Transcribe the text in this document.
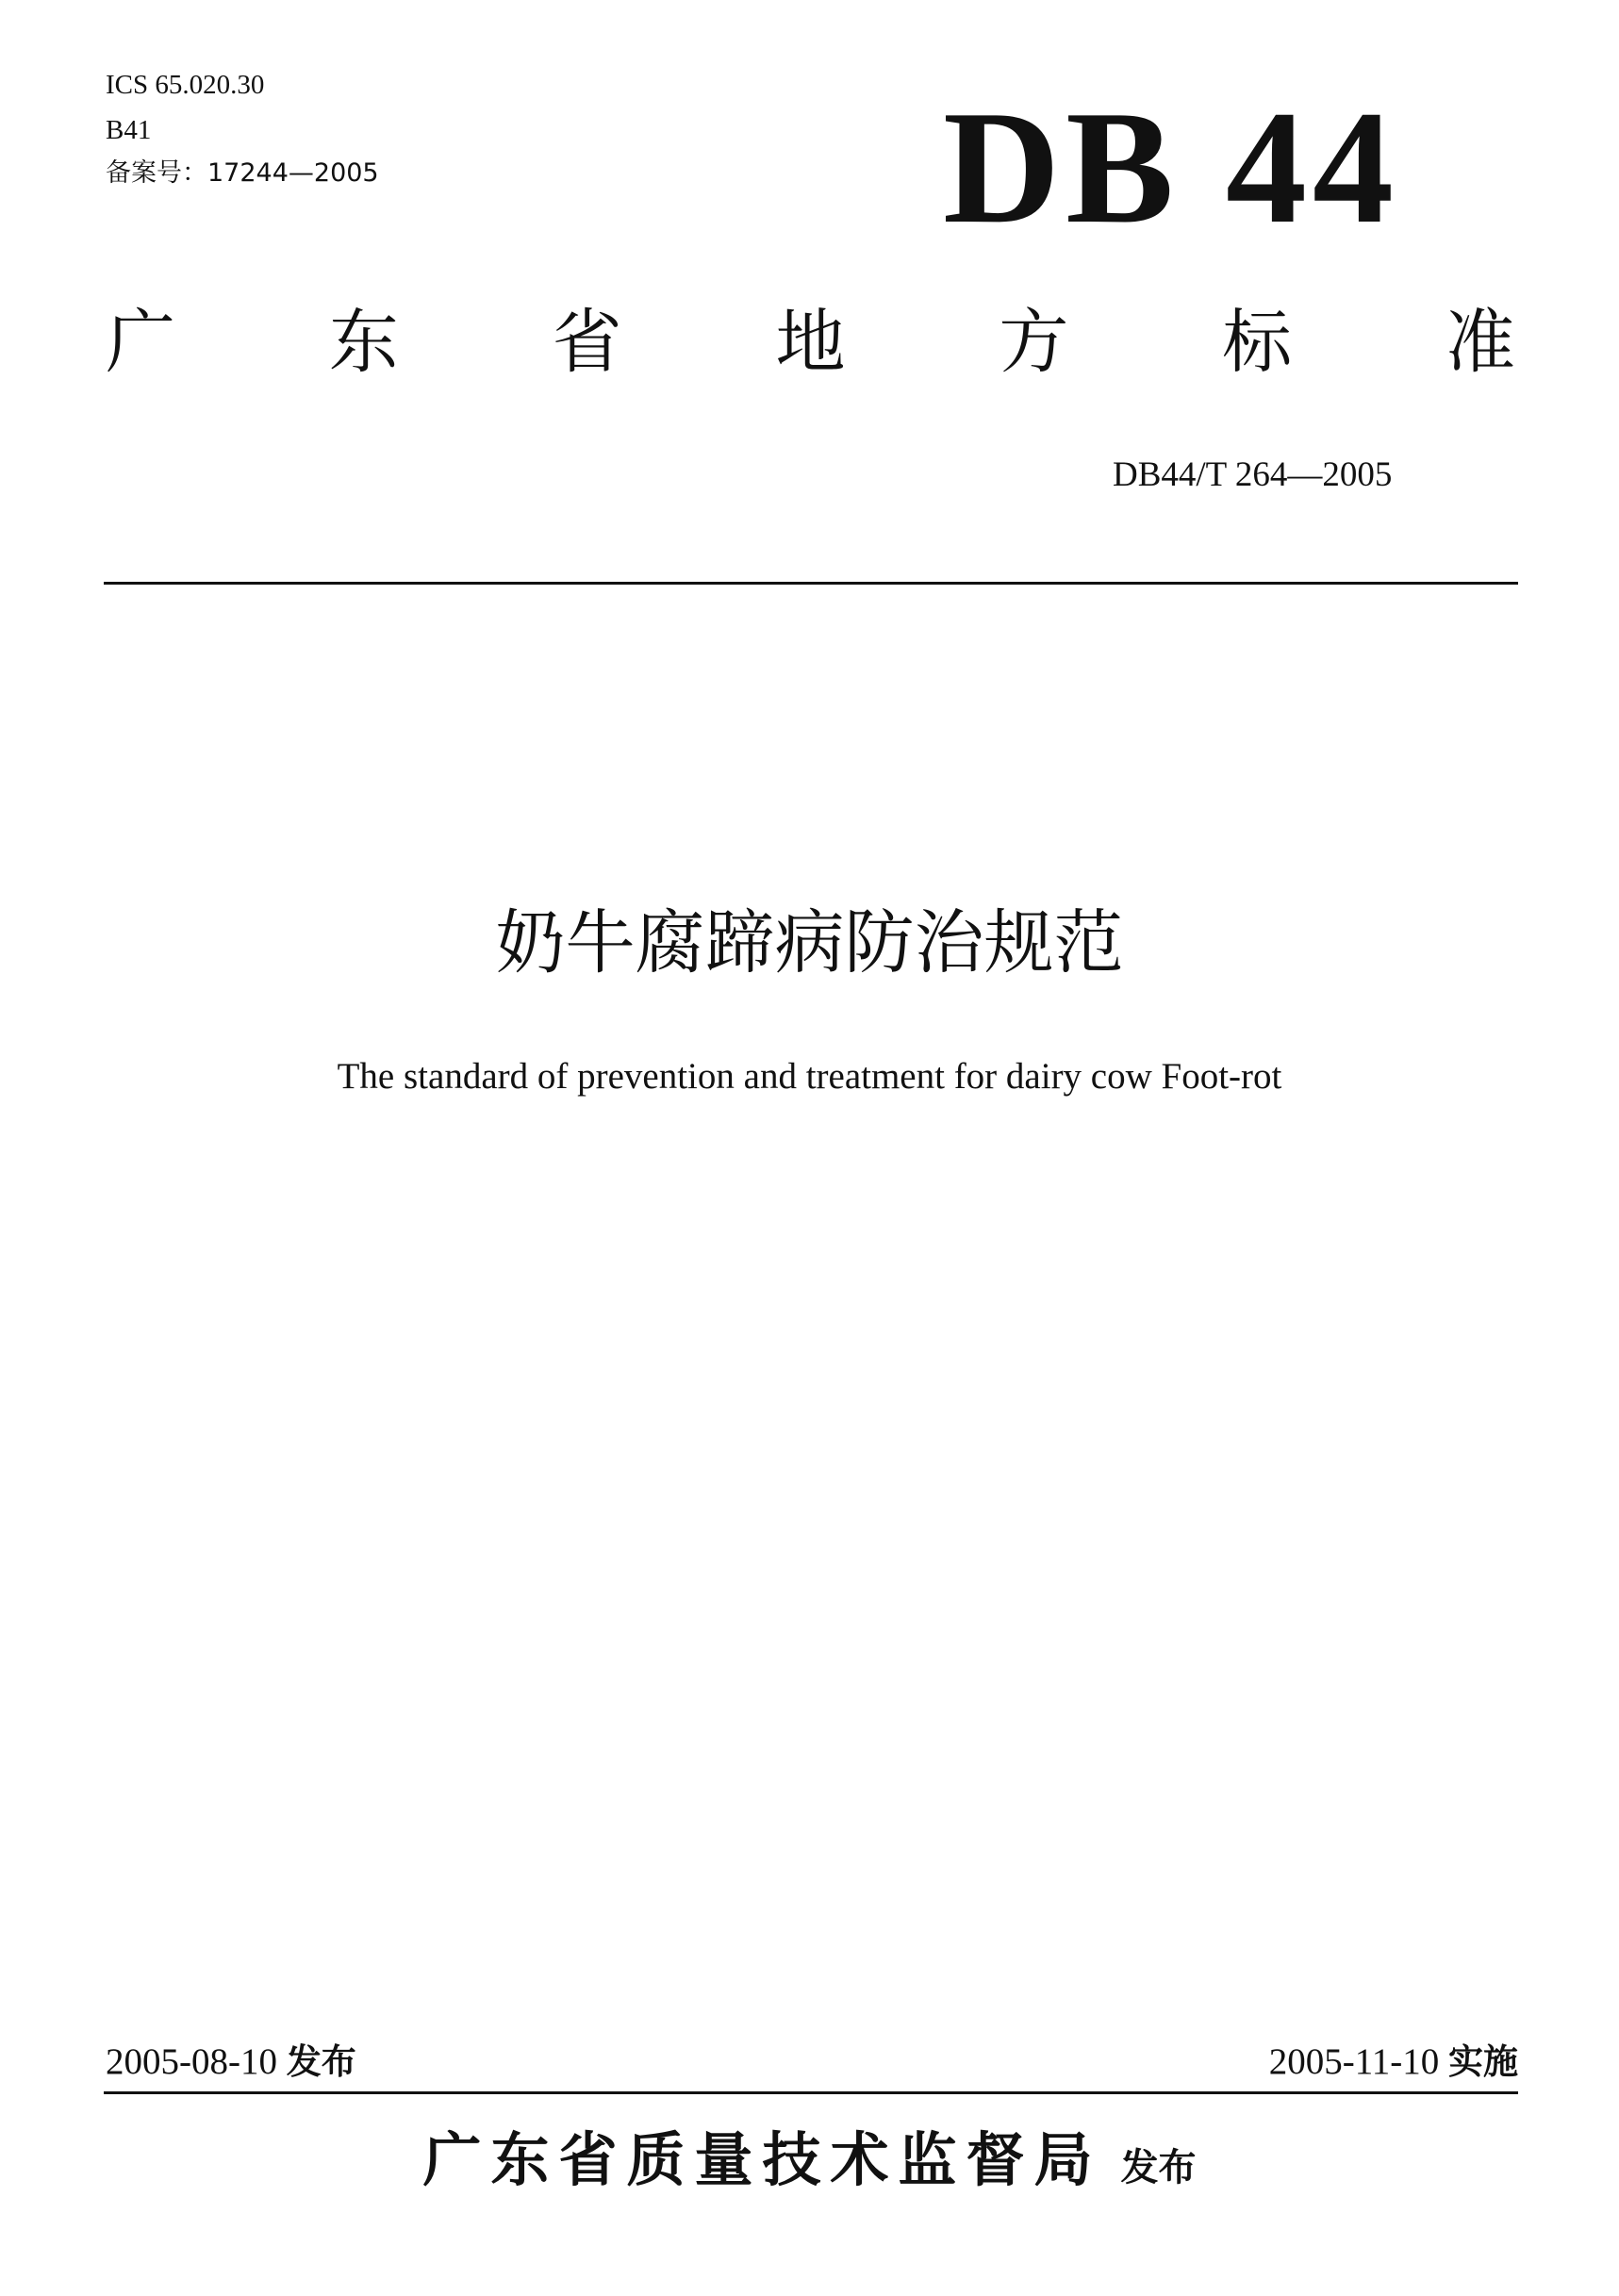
ICS 65.020.30
B41
备案号：17244—2005	DB 44
广 东 省 地 方 标 准
DB44/T 264—2005
奶牛腐蹄病防治规范
The standard of prevention and treatment for dairy cow Foot-rot
2005-08-10 发布	2005-11-10 实施
广东省质量技术监督局 发布
